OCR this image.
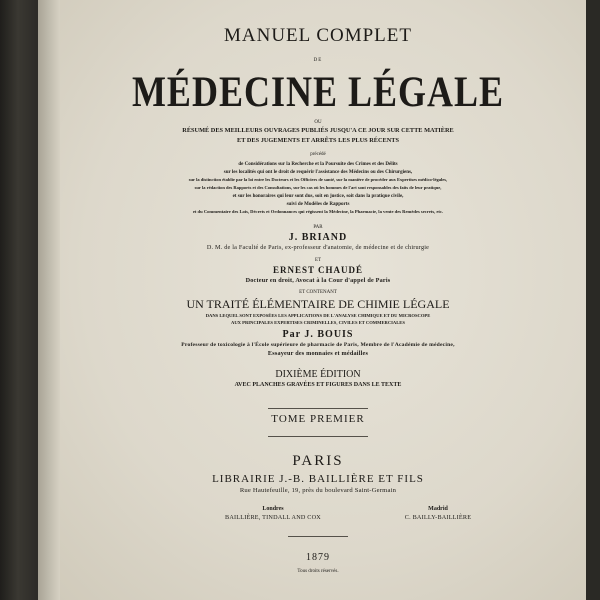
MANUEL COMPLET
DE
MÉDECINE LÉGALE
OU
RÉSUMÉ DES MEILLEURS OUVRAGES PUBLIÉS JUSQU'A CE JOUR SUR CETTE MATIÈRE
ET DES JUGEMENTS ET ARRÊTS LES PLUS RÉCENTS
précédé
de Considérations sur la Recherche et la Poursuite des Crimes et des Délits
sur les localités qui ont le droit de requérir l'assistance des Médecins ou des Chirurgiens,
sur la distinction établie par la loi entre les Docteurs et les Officiers de santé, sur la manière de procéder aux Expertises médico-légales,
sur la rédaction des Rapports et des Consultations, sur les cas où les hommes de l'art sont responsables des faits de leur pratique,
et sur les honoraires qui leur sont dus, soit en justice, soit dans la pratique civile,
suivi de Modèles de Rapports
et du Commentaire des Lois, Décrets et Ordonnances qui régissent la Médecine, la Pharmacie, la vente des Remèdes secrets, etc.
PAR
J. BRIAND
D. M. de la Faculté de Paris, ex-professeur d'anatomie, de médecine et de chirurgie
ET
ERNEST CHAUDÉ
Docteur en droit, Avocat à la Cour d'appel de Paris
ET CONTENANT
UN TRAITÉ ÉLÉMENTAIRE DE CHIMIE LÉGALE
DANS LEQUEL SONT EXPOSÉES LES APPLICATIONS DE L'ANALYSE CHIMIQUE ET DU MICROSCOPE
AUX PRINCIPALES EXPERTISES CRIMINELLES, CIVILES ET COMMERCIALES
Par J. BOUIS
Professeur de toxicologie à l'École supérieure de pharmacie de Paris, Membre de l'Académie de médecine,
Essayeur des monnaies et médailles
DIXIÈME ÉDITION
AVEC PLANCHES GRAVÉES ET FIGURES DANS LE TEXTE
TOME PREMIER
PARIS
LIBRAIRIE J.-B. BAILLIÈRE ET FILS
Rue Hautefeuille, 19, près du boulevard Saint-Germain
Londres
BAILLIÈRE, TINDALL AND COX
Madrid
C. BAILLY-BAILLIÈRE
1879
Tous droits réservés.
